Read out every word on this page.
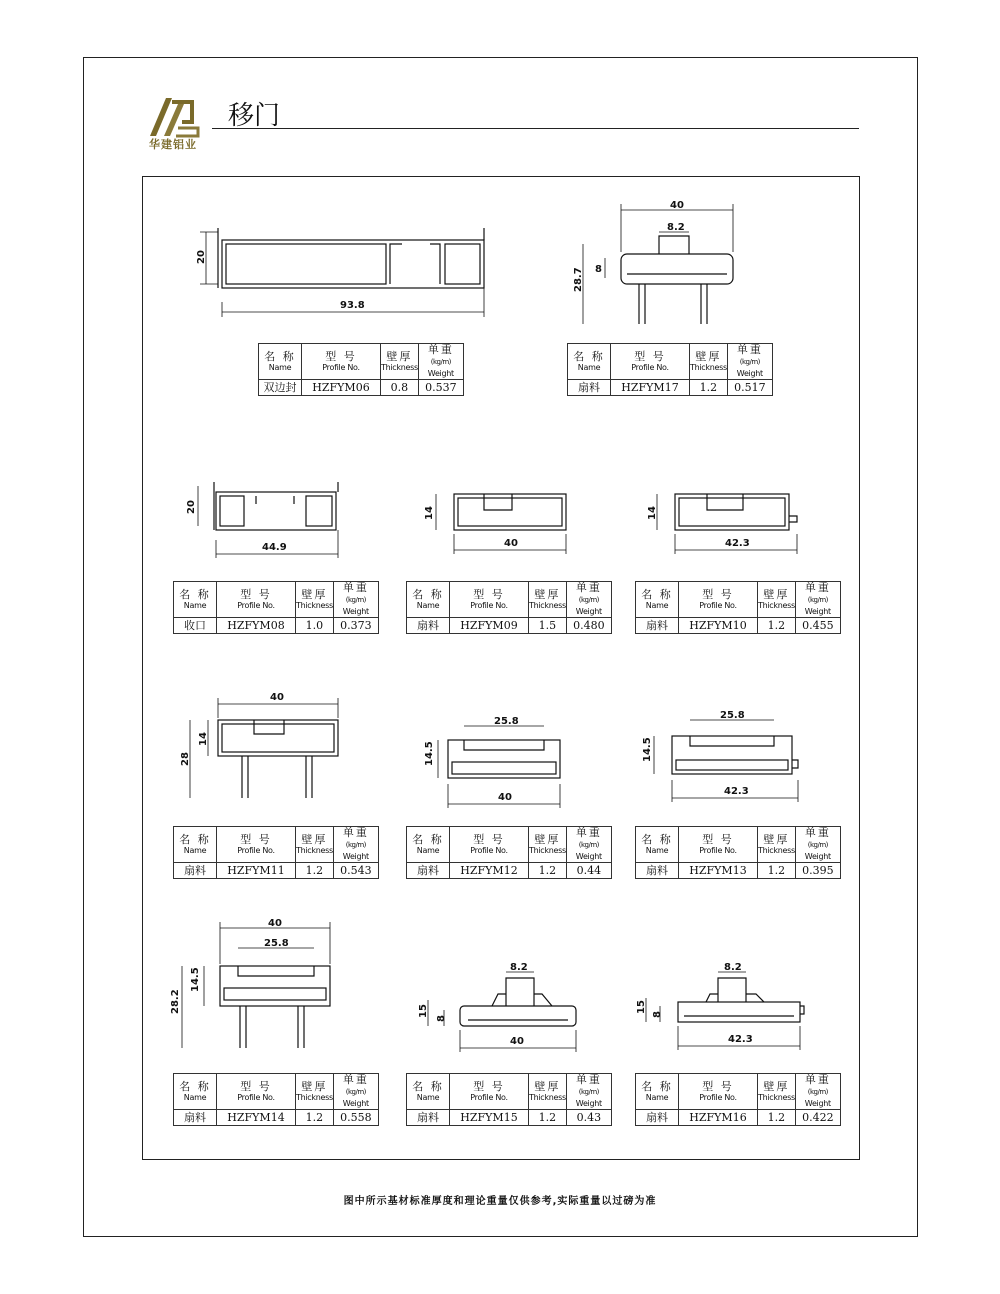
华建铝业
移门
20
93.8
40
8.2
8
28.7
20
44.9
14
40
14
42.3
40
14
28
25.8
14.5
40
25.8
14.5
42.3
40
25.8
14.5
28.2
8.2
15
8
40
8.2
15
8
42.3
名 称
Name	型 号
Profile No.	壁厚
Thickness	单重(kg/m)
Weight

双边封	HZFYM06	0.8	0.537
名 称
Name	型 号
Profile No.	壁厚
Thickness	单重(kg/m)
Weight

扇料	HZFYM17	1.2	0.517
名 称
Name	型 号
Profile No.	壁厚
Thickness	单重(kg/m)
Weight

收口	HZFYM08	1.0	0.373
名 称
Name	型 号
Profile No.	壁厚
Thickness	单重(kg/m)
Weight

扇料	HZFYM09	1.5	0.480
名 称
Name	型 号
Profile No.	壁厚
Thickness	单重(kg/m)
Weight

扇料	HZFYM10	1.2	0.455
名 称
Name	型 号
Profile No.	壁厚
Thickness	单重(kg/m)
Weight

扇料	HZFYM11	1.2	0.543
名 称
Name	型 号
Profile No.	壁厚
Thickness	单重(kg/m)
Weight

扇料	HZFYM12	1.2	0.44
名 称
Name	型 号
Profile No.	壁厚
Thickness	单重(kg/m)
Weight

扇料	HZFYM13	1.2	0.395
名 称
Name	型 号
Profile No.	壁厚
Thickness	单重(kg/m)
Weight

扇料	HZFYM14	1.2	0.558
名 称
Name	型 号
Profile No.	壁厚
Thickness	单重(kg/m)
Weight

扇料	HZFYM15	1.2	0.43
名 称
Name	型 号
Profile No.	壁厚
Thickness	单重(kg/m)
Weight

扇料	HZFYM16	1.2	0.422
图中所示基材标准厚度和理论重量仅供参考,实际重量以过磅为准
